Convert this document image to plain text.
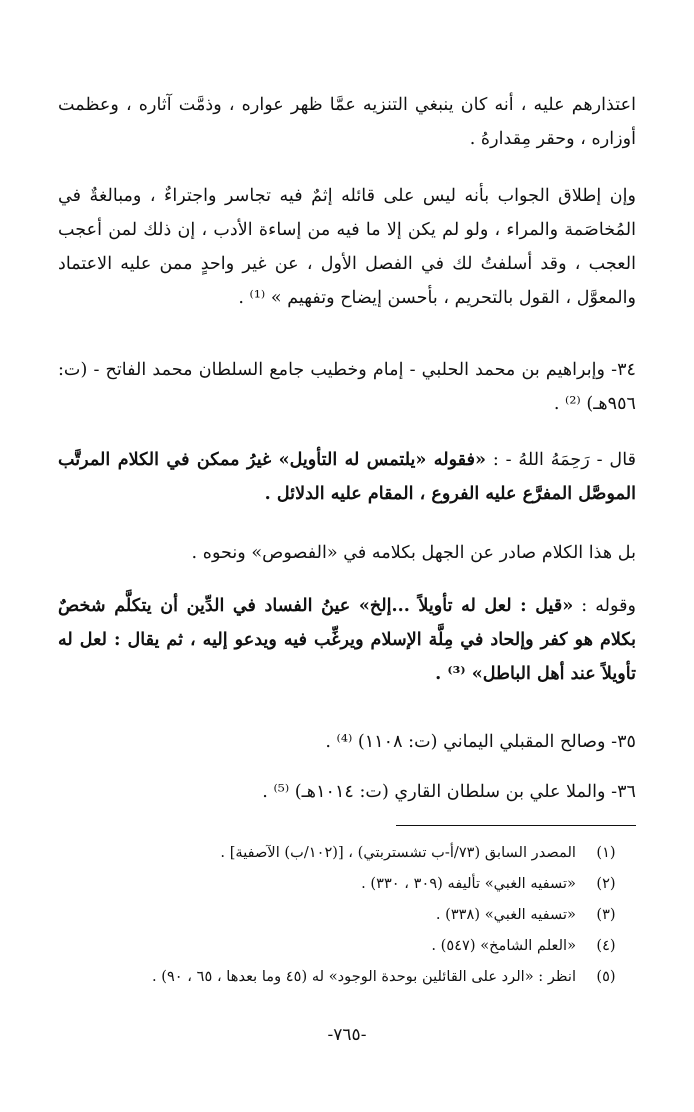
اعتذارهم عليه ، أنه كان ينبغي التنزيه عمَّا ظهر عواره ، وذمَّت آثاره ، وعظمت أوزاره ، وحقر مِقدارهُ .
وإن إطلاق الجواب بأنه ليس على قائله إثمٌ فيه تجاسر واجتراءٌ ، ومبالغةٌ في المُخاصَمة والمراء ، ولو لم يكن إلا ما فيه من إساءة الأدب ، إن ذلك لمن أعجب العجب ، وقد أسلفتُ لك في الفصل الأول ، عن غير واحدٍ ممن عليه الاعتماد والمعوَّل ، القول بالتحريم ، بأحسن إيضاح وتفهيم » ⁽¹⁾ .
٣٤- وإبراهيم بن محمد الحلبي - إمام وخطيب جامع السلطان محمد الفاتح - (ت: ٩٥٦هـ) ⁽²⁾ .
قال - رَحِمَهُ اللهُ - : «فقوله «يلتمس له التأويل» غيرُ ممكن في الكلام المرتَّب الموصَّل المفرَّع عليه الفروع ، المقام عليه الدلائل .
بل هذا الكلام صادر عن الجهل بكلامه في «الفصوص» ونحوه .
وقوله : «قيل : لعل له تأويلاً ...إلخ» عينُ الفساد في الدِّين أن يتكلَّم شخصٌ بكلام هو كفر وإلحاد في مِلَّة الإسلام ويرغِّب فيه ويدعو إليه ، ثم يقال : لعل له تأويلاً عند أهل الباطل» ⁽³⁾ .
٣٥- وصالح المقبلي اليماني (ت: ١١٠٨) ⁽⁴⁾ .
٣٦- والملا علي بن سلطان القاري (ت: ١٠١٤هـ) ⁽⁵⁾ .
(١)
المصدر السابق (٧٣/أ-ب تشستربتي) ، [(١٠٢/ب) الآصفية] .
(٢)
«تسفيه الغبي» تأليفه (٣٠٩ ، ٣٣٠) .
(٣)
«تسفيه الغبي» (٣٣٨) .
(٤)
«العلم الشامخ» (٥٤٧) .
(٥)
انظر : «الرد على القائلين بوحدة الوجود» له (٤٥ وما بعدها ، ٦٥ ، ٩٠) .
-٧٦٥-
